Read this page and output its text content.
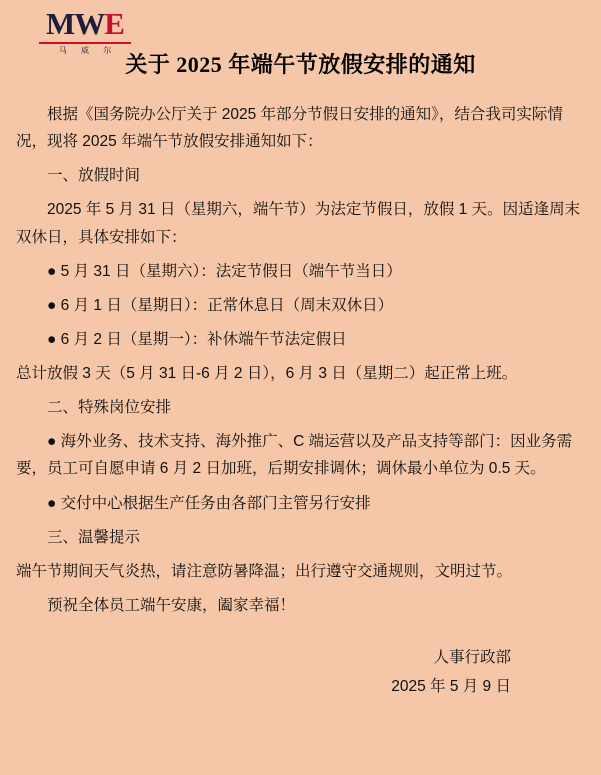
MWE
马 威 尔
关于 2025 年端午节放假安排的通知

根据《国务院办公厅关于 2025 年部分节假日安排的通知》，结合我司实际情况，现将 2025 年端午节放假安排通知如下：

一、放假时间

2025 年 5 月 31 日（星期六，端午节）为法定节假日，放假 1 天。因适逢周末双休日，具体安排如下：

● 5 月 31 日（星期六）：法定节假日（端午节当日）

● 6 月 1 日（星期日）：正常休息日（周末双休日）

● 6 月 2 日（星期一）：补休端午节法定假日

总计放假 3 天（5 月 31 日-6 月 2 日），6 月 3 日（星期二）起正常上班。

二、特殊岗位安排

● 海外业务、技术支持、海外推广、C 端运营以及产品支持等部门：因业务需要，员工可自愿申请 6 月 2 日加班，后期安排调休；调休最小单位为 0.5 天。

● 交付中心根据生产任务由各部门主管另行安排

三、温馨提示

端午节期间天气炎热，请注意防暑降温；出行遵守交通规则，文明过节。

预祝全体员工端午安康，阖家幸福！

人事行政部
2025 年 5 月 9 日
